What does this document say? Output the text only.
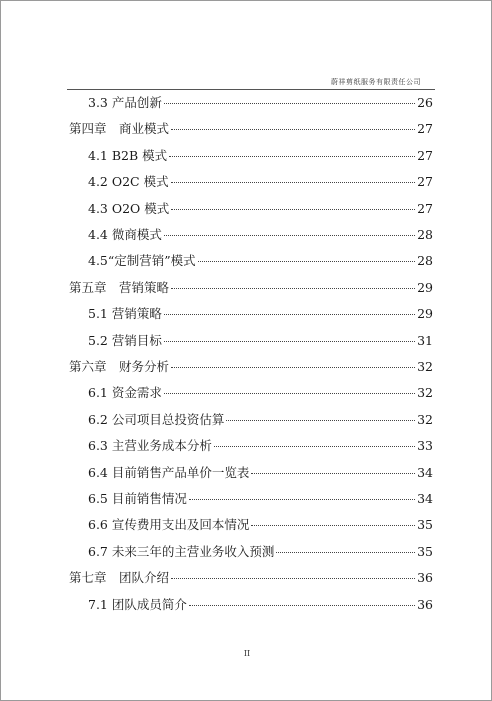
蔚祥剪纸服务有限责任公司
3.3 产品创新	26
第四章　商业模式	27
4.1 B2B 模式	27
4.2 O2C 模式	27
4.3 O2O 模式	27
4.4 微商模式	28
4.5“定制营销”模式	28
第五章　营销策略	29
5.1 营销策略	29
5.2 营销目标	31
第六章　财务分析	32
6.1 资金需求	32
6.2 公司项目总投资估算	32
6.3 主营业务成本分析	33
6.4 目前销售产品单价一览表	34
6.5 目前销售情况	34
6.6 宣传费用支出及回本情况	35
6.7 未来三年的主营业务收入预测	35
第七章　团队介绍	36
7.1 团队成员简介	36
II
